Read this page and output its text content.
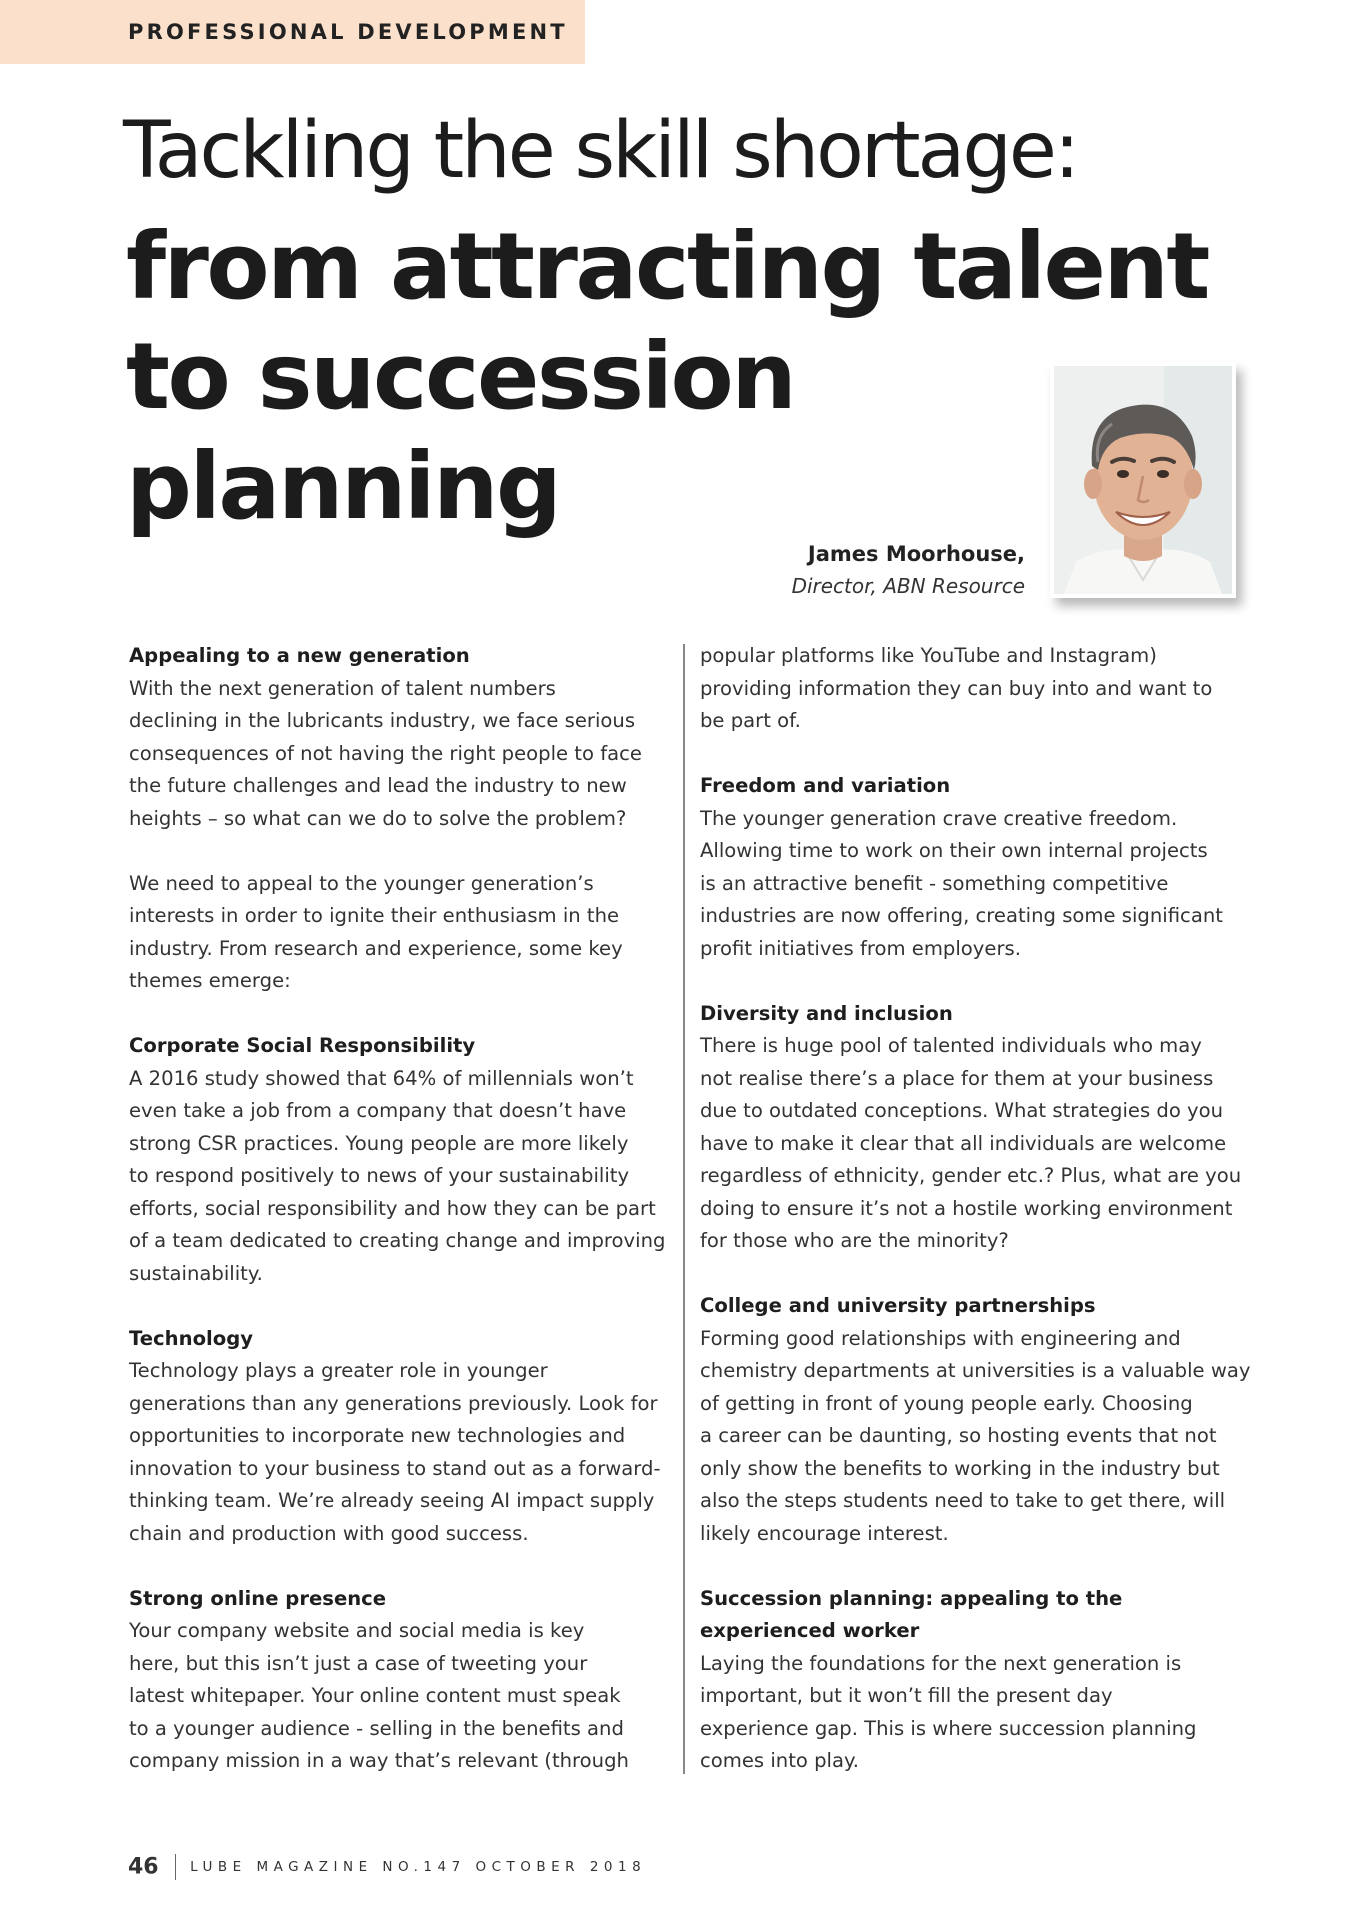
PROFESSIONAL DEVELOPMENT
Tackling the skill shortage:
from attracting talent
to succession
planning
James Moorhouse,
Director, ABN Resource
Appealing to a new generation

With the next generation of talent numbers
declining in the lubricants industry, we face serious
consequences of not having the right people to face
the future challenges and lead the industry to new
heights – so what can we do to solve the problem?

We need to appeal to the younger generation’s
interests in order to ignite their enthusiasm in the
industry. From research and experience, some key
themes emerge:

Corporate Social Responsibility

A 2016 study showed that 64% of millennials won’t
even take a job from a company that doesn’t have
strong CSR practices. Young people are more likely
to respond positively to news of your sustainability
efforts, social responsibility and how they can be part
of a team dedicated to creating change and improving
sustainability.

Technology

Technology plays a greater role in younger
generations than any generations previously. Look for
opportunities to incorporate new technologies and
innovation to your business to stand out as a forward-
thinking team. We’re already seeing AI impact supply
chain and production with good success.

Strong online presence

Your company website and social media is key
here, but this isn’t just a case of tweeting your
latest whitepaper. Your online content must speak
to a younger audience - selling in the benefits and
company mission in a way that’s relevant (through

popular platforms like YouTube and Instagram)
providing information they can buy into and want to
be part of.

Freedom and variation

The younger generation crave creative freedom.
Allowing time to work on their own internal projects
is an attractive benefit - something competitive
industries are now offering, creating some significant
profit initiatives from employers.

Diversity and inclusion

There is huge pool of talented individuals who may
not realise there’s a place for them at your business
due to outdated conceptions. What strategies do you
have to make it clear that all individuals are welcome
regardless of ethnicity, gender etc.? Plus, what are you
doing to ensure it’s not a hostile working environment
for those who are the minority?

College and university partnerships

Forming good relationships with engineering and
chemistry departments at universities is a valuable way
of getting in front of young people early. Choosing
a career can be daunting, so hosting events that not
only show the benefits to working in the industry but
also the steps students need to take to get there, will
likely encourage interest.

Succession planning: appealing to the
experienced worker

Laying the foundations for the next generation is
important, but it won’t fill the present day
experience gap. This is where succession planning
comes into play.

46 LUBE MAGAZINE NO.147 OCTOBER 2018
